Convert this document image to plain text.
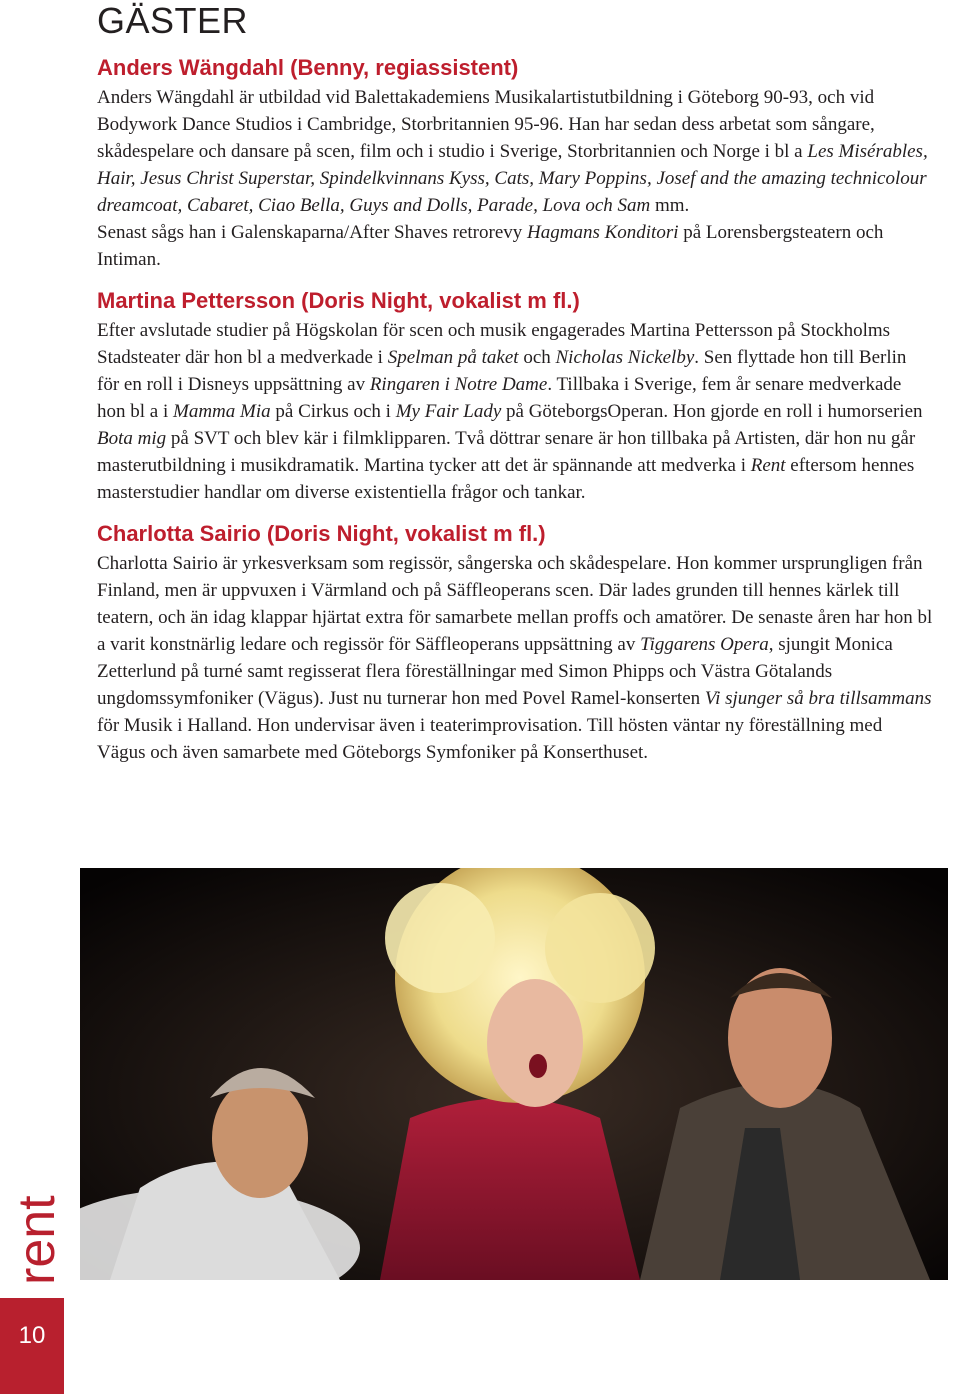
GÄSTER
Anders Wängdahl (Benny, regiassistent)

Anders Wängdahl är utbildad vid Balettakademiens Musikalartistutbildning i Göteborg 90-93, och vid Bodywork Dance Studios i Cambridge, Storbritannien 95-96. Han har sedan dess arbetat som sångare, skådespelare och dansare på scen, film och i studio i Sverige, Storbritannien och Norge i bl a Les Misérables, Hair, Jesus Christ Superstar, Spindelkvinnans Kyss, Cats, Mary Poppins, Josef and the amazing technicolour dreamcoat, Cabaret, Ciao Bella, Guys and Dolls, Parade, Lova och Sam mm.

Senast sågs han i Galenskaparna/After Shaves retrorevy Hagmans Konditori på Lorensbergsteatern och Intiman.

Martina Pettersson (Doris Night, vokalist m fl.)

Efter avslutade studier på Högskolan för scen och musik engagerades Martina Pettersson på Stockholms Stadsteater där hon bl a medverkade i Spelman på taket och Nicholas Nickelby. Sen flyttade hon till Berlin för en roll i Disneys uppsättning av Ringaren i Notre Dame. Tillbaka i Sverige, fem år senare medverkade hon bl a i Mamma Mia på Cirkus och i My Fair Lady på GöteborgsOperan. Hon gjorde en roll i humorserien Bota mig på SVT och blev kär i filmklipparen. Två döttrar senare är hon tillbaka på Artisten, där hon nu går masterutbildning i musikdramatik. Martina tycker att det är spännande att medverka i Rent eftersom hennes masterstudier handlar om diverse existentiella frågor och tankar.

Charlotta Sairio (Doris Night, vokalist m fl.)

Charlotta Sairio är yrkesverksam som regissör, sångerska och skådespelare. Hon kommer ursprungligen från Finland, men är uppvuxen i Värmland och på Säffleoperans scen. Där lades grunden till hennes kärlek till teatern, och än idag klappar hjärtat extra för samarbete mellan proffs och amatörer. De senaste åren har hon bl a varit konstnärlig ledare och regissör för Säffleoperans uppsättning av Tiggarens Opera, sjungit Monica Zetterlund på turné samt regisserat flera föreställningar med Simon Phipps och Västra Götalands ungdomssymfoniker (Vägus). Just nu turnerar hon med Povel Ramel-konserten Vi sjunger så bra tillsammans för Musik i Halland. Hon undervisar även i teaterimprovisation. Till hösten väntar ny föreställning med Vägus och även samarbete med Göteborgs Symfoniker på Konserthuset.

rent
10
